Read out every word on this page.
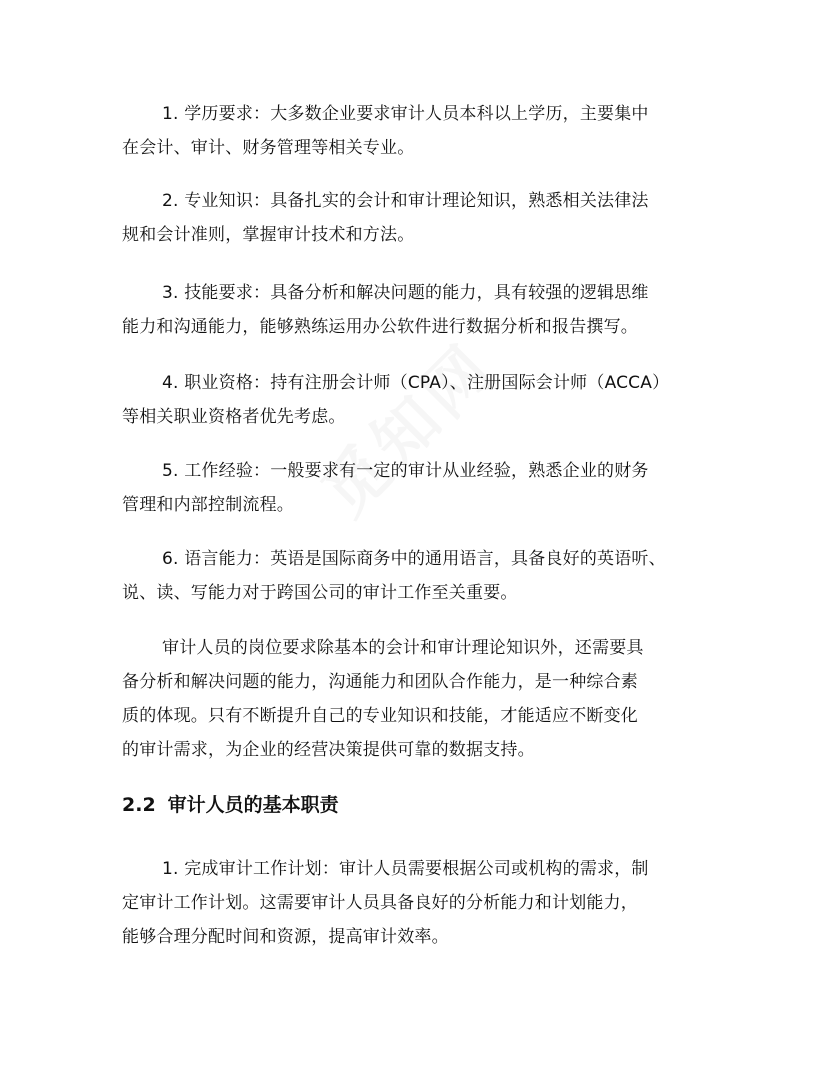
1. 学历要求：大多数企业要求审计人员本科以上学历，主要集中
在会计、审计、财务管理等相关专业。

2. 专业知识：具备扎实的会计和审计理论知识，熟悉相关法律法
规和会计准则，掌握审计技术和方法。

3. 技能要求：具备分析和解决问题的能力，具有较强的逻辑思维
能力和沟通能力，能够熟练运用办公软件进行数据分析和报告撰写。

4. 职业资格：持有注册会计师（CPA）、注册国际会计师（ACCA）
等相关职业资格者优先考虑。

5. 工作经验：一般要求有一定的审计从业经验，熟悉企业的财务
管理和内部控制流程。

6. 语言能力：英语是国际商务中的通用语言，具备良好的英语听、
说、读、写能力对于跨国公司的审计工作至关重要。

审计人员的岗位要求除基本的会计和审计理论知识外，还需要具
备分析和解决问题的能力，沟通能力和团队合作能力，是一种综合素
质的体现。只有不断提升自己的专业知识和技能，才能适应不断变化
的审计需求，为企业的经营决策提供可靠的数据支持。

2.2 审计人员的基本职责

1. 完成审计工作计划：审计人员需要根据公司或机构的需求，制
定审计工作计划。这需要审计人员具备良好的分析能力和计划能力，
能够合理分配时间和资源，提高审计效率。
